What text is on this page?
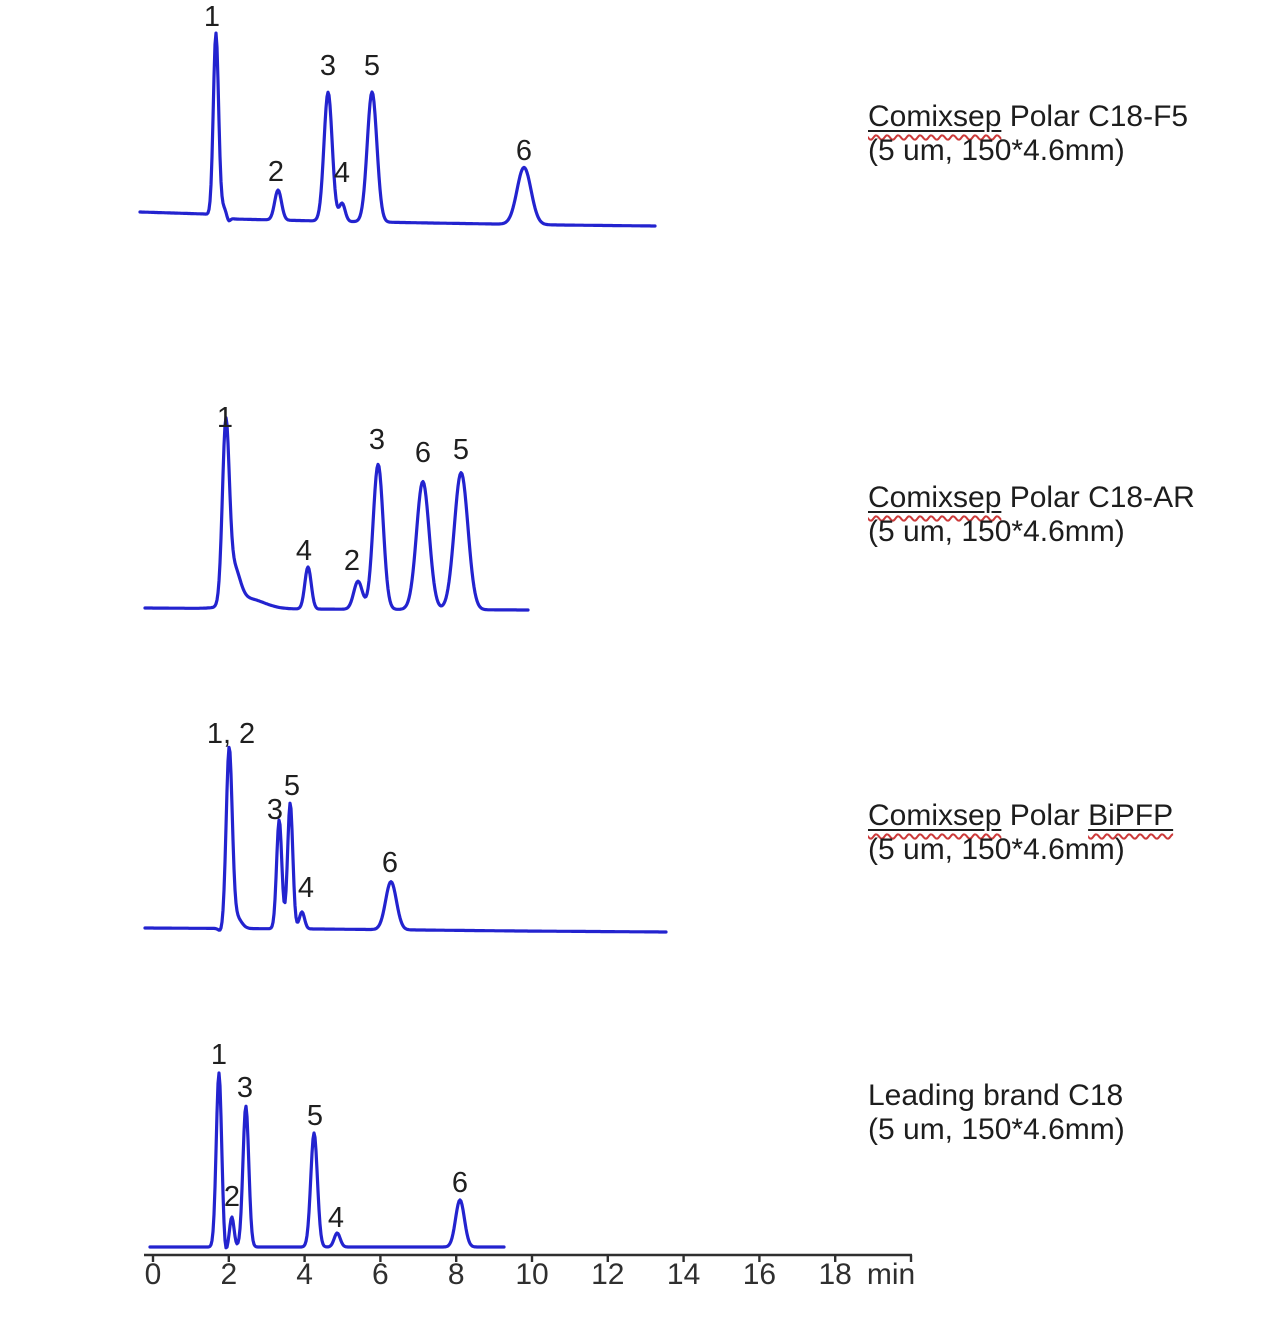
1
2
3
4
5
6
1
4 2
3 6 5
1, 2
3
5
4
6
1
2
3
5
4
6
0 2 4 6 8 10 12 14 16 18 min
Comixsep Polar C18-F5
(5 um, 150*4.6mm)
Comixsep Polar C18-AR
(5 um, 150*4.6mm)
Comixsep Polar BiPFP
(5 um, 150*4.6mm)
Leading brand C18
(5 um, 150*4.6mm)
